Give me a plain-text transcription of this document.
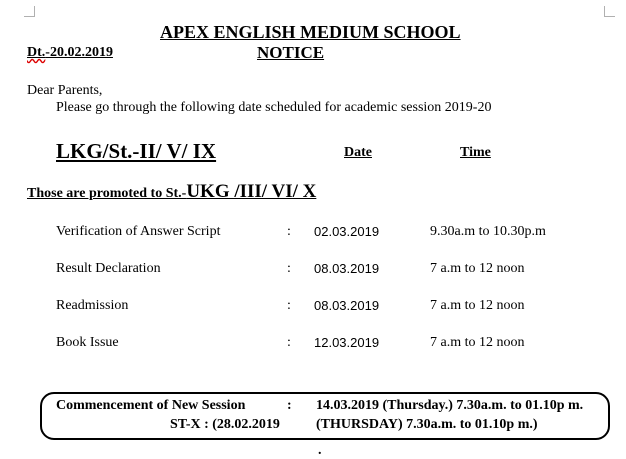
APEX ENGLISH MEDIUM SCHOOL
Dt.-20.02.2019	NOTICE
Dear Parents,
Please go through the following date scheduled for academic session 2019-20
LKG/St.-II/ V/ IX	Date	Time
Those are promoted to St.-UKG /III/ VI/ X
Verification of Answer Script	: 02.03.2019	9.30a.m to 10.30p.m
Result Declaration	: 08.03.2019	7 a.m to 12 noon
Readmission	: 08.03.2019	7 a.m to 12 noon
Book Issue	: 12.03.2019	7 a.m to 12 noon
Commencement of New Session	: 14.03.2019 (Thursday.) 7.30a.m. to 01.10p m.
ST-X : (28.02.2019	(THURSDAY) 7.30a.m. to 01.10p m.)
.
